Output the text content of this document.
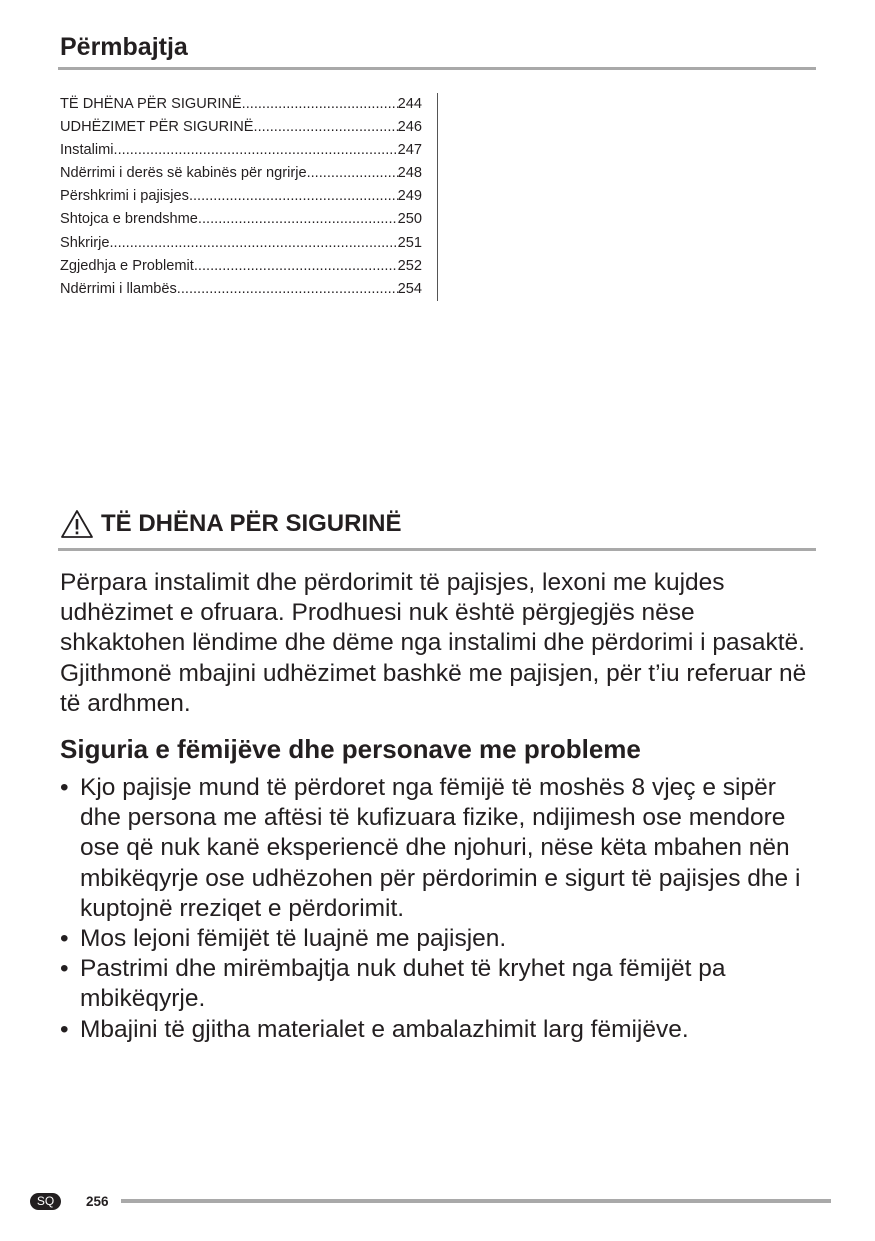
Përmbajtja
TË DHËNA PËR SIGURINË .....	244
UDHËZIMET PËR SIGURINË .....	246
Instalimi .....	247
Ndërrimi i derës së kabinës për ngrirje .....	248
Përshkrimi i pajisjes .....	249
Shtojca e brendshme .....	250
Shkrirje .....	251
Zgjedhja e Problemit .....	252
Ndërrimi i llambës .....	254
TË DHËNA PËR SIGURINË

Përpara instalimit dhe përdorimit të pajisjes, lexoni me kujdes udhëzimet e ofruara. Prodhuesi nuk është përgjegjës nëse shkaktohen lëndime dhe dëme nga instalimi dhe përdorimi i pasaktë. Gjithmonë mbajini udhëzimet bashkë me pajisjen, për t’iu referuar në të ardhmen.

Siguria e fëmijëve dhe personave me probleme
• Kjo pajisje mund të përdoret nga fëmijë të moshës 8 vjeç e sipër dhe persona me aftësi të kufizuara fizike, ndijimesh ose mendore ose që nuk kanë eksperiencë dhe njohuri, nëse këta mbahen nën mbikëqyrje ose udhëzohen për përdorimin e sigurt të pajisjes dhe i kuptojnë rreziqet e përdorimit.
• Mos lejoni fëmijët të luajnë me pajisjen.
• Pastrimi dhe mirëmbajtja nuk duhet të kryhet nga fëmijët pa mbikëqyrje.
• Mbajini të gjitha materialet e ambalazhimit larg fëmijëve.
SQ	256
